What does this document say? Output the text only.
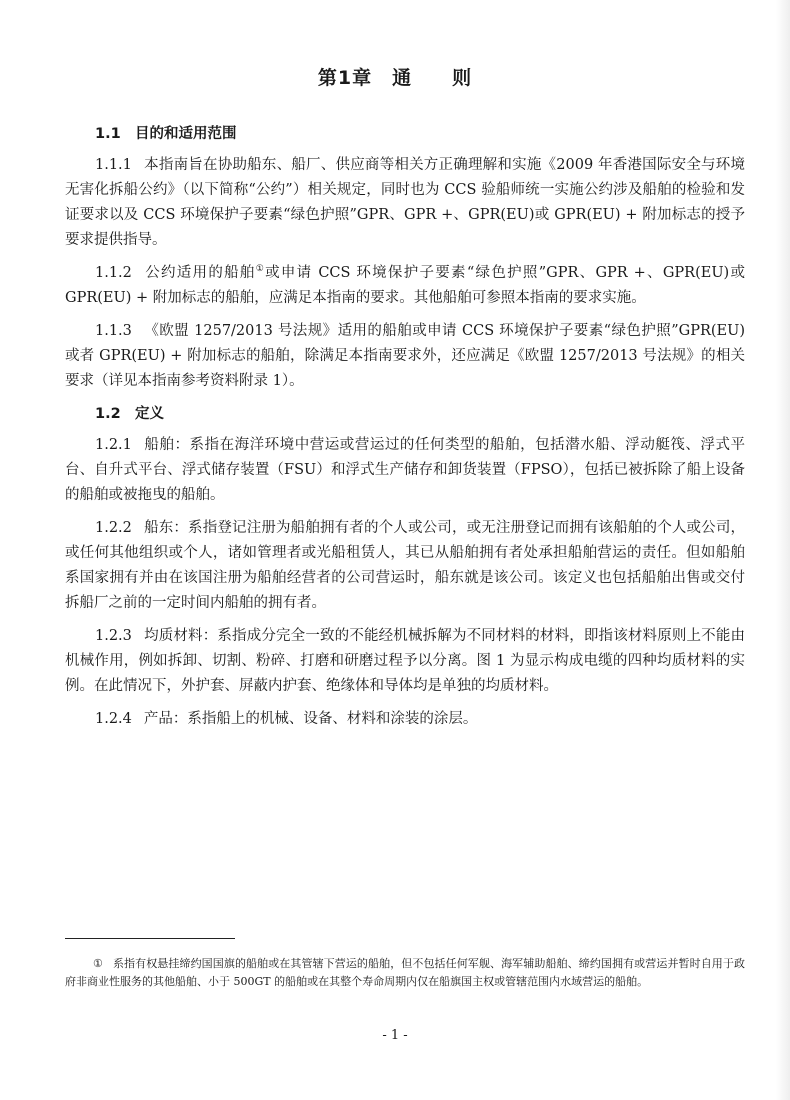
第1章　通　　则
1.1 目的和适用范围

1.1.1 本指南旨在协助船东、船厂、供应商等相关方正确理解和实施《2009 年香港国际安全与环境无害化拆船公约》（以下简称“公约”）相关规定，同时也为 CCS 验船师统一实施公约涉及船舶的检验和发证要求以及 CCS 环境保护子要素“绿色护照”GPR、GPR +、GPR(EU)或 GPR(EU) + 附加标志的授予要求提供指导。

1.1.2 公约适用的船舶①或申请 CCS 环境保护子要素“绿色护照”GPR、GPR +、GPR(EU)或 GPR(EU) + 附加标志的船舶，应满足本指南的要求。其他船舶可参照本指南的要求实施。

1.1.3 《欧盟 1257/2013 号法规》适用的船舶或申请 CCS 环境保护子要素“绿色护照”GPR(EU)或者 GPR(EU) + 附加标志的船舶，除满足本指南要求外，还应满足《欧盟 1257/2013 号法规》的相关要求（详见本指南参考资料附录 1）。

1.2 定义

1.2.1 船舶：系指在海洋环境中营运或营运过的任何类型的船舶，包括潜水船、浮动艇筏、浮式平台、自升式平台、浮式储存装置（FSU）和浮式生产储存和卸货装置（FPSO），包括已被拆除了船上设备的船舶或被拖曳的船舶。

1.2.2 船东：系指登记注册为船舶拥有者的个人或公司，或无注册登记而拥有该船舶的个人或公司，或任何其他组织或个人，诸如管理者或光船租赁人，其已从船舶拥有者处承担船舶营运的责任。但如船舶系国家拥有并由在该国注册为船舶经营者的公司营运时，船东就是该公司。该定义也包括船舶出售或交付拆船厂之前的一定时间内船舶的拥有者。

1.2.3 均质材料：系指成分完全一致的不能经机械拆解为不同材料的材料，即指该材料原则上不能由机械作用，例如拆卸、切割、粉碎、打磨和研磨过程予以分离。图 1 为显示构成电缆的四种均质材料的实例。在此情况下，外护套、屏蔽内护套、绝缘体和导体均是单独的均质材料。

1.2.4 产品：系指船上的机械、设备、材料和涂装的涂层。

① 系指有权悬挂缔约国国旗的船舶或在其管辖下营运的船舶，但不包括任何军舰、海军辅助船舶、缔约国拥有或营运并暂时自用于政府非商业性服务的其他船舶、小于 500GT 的船舶或在其整个寿命周期内仅在船旗国主权或管辖范围内水域营运的船舶。
- 1 -
